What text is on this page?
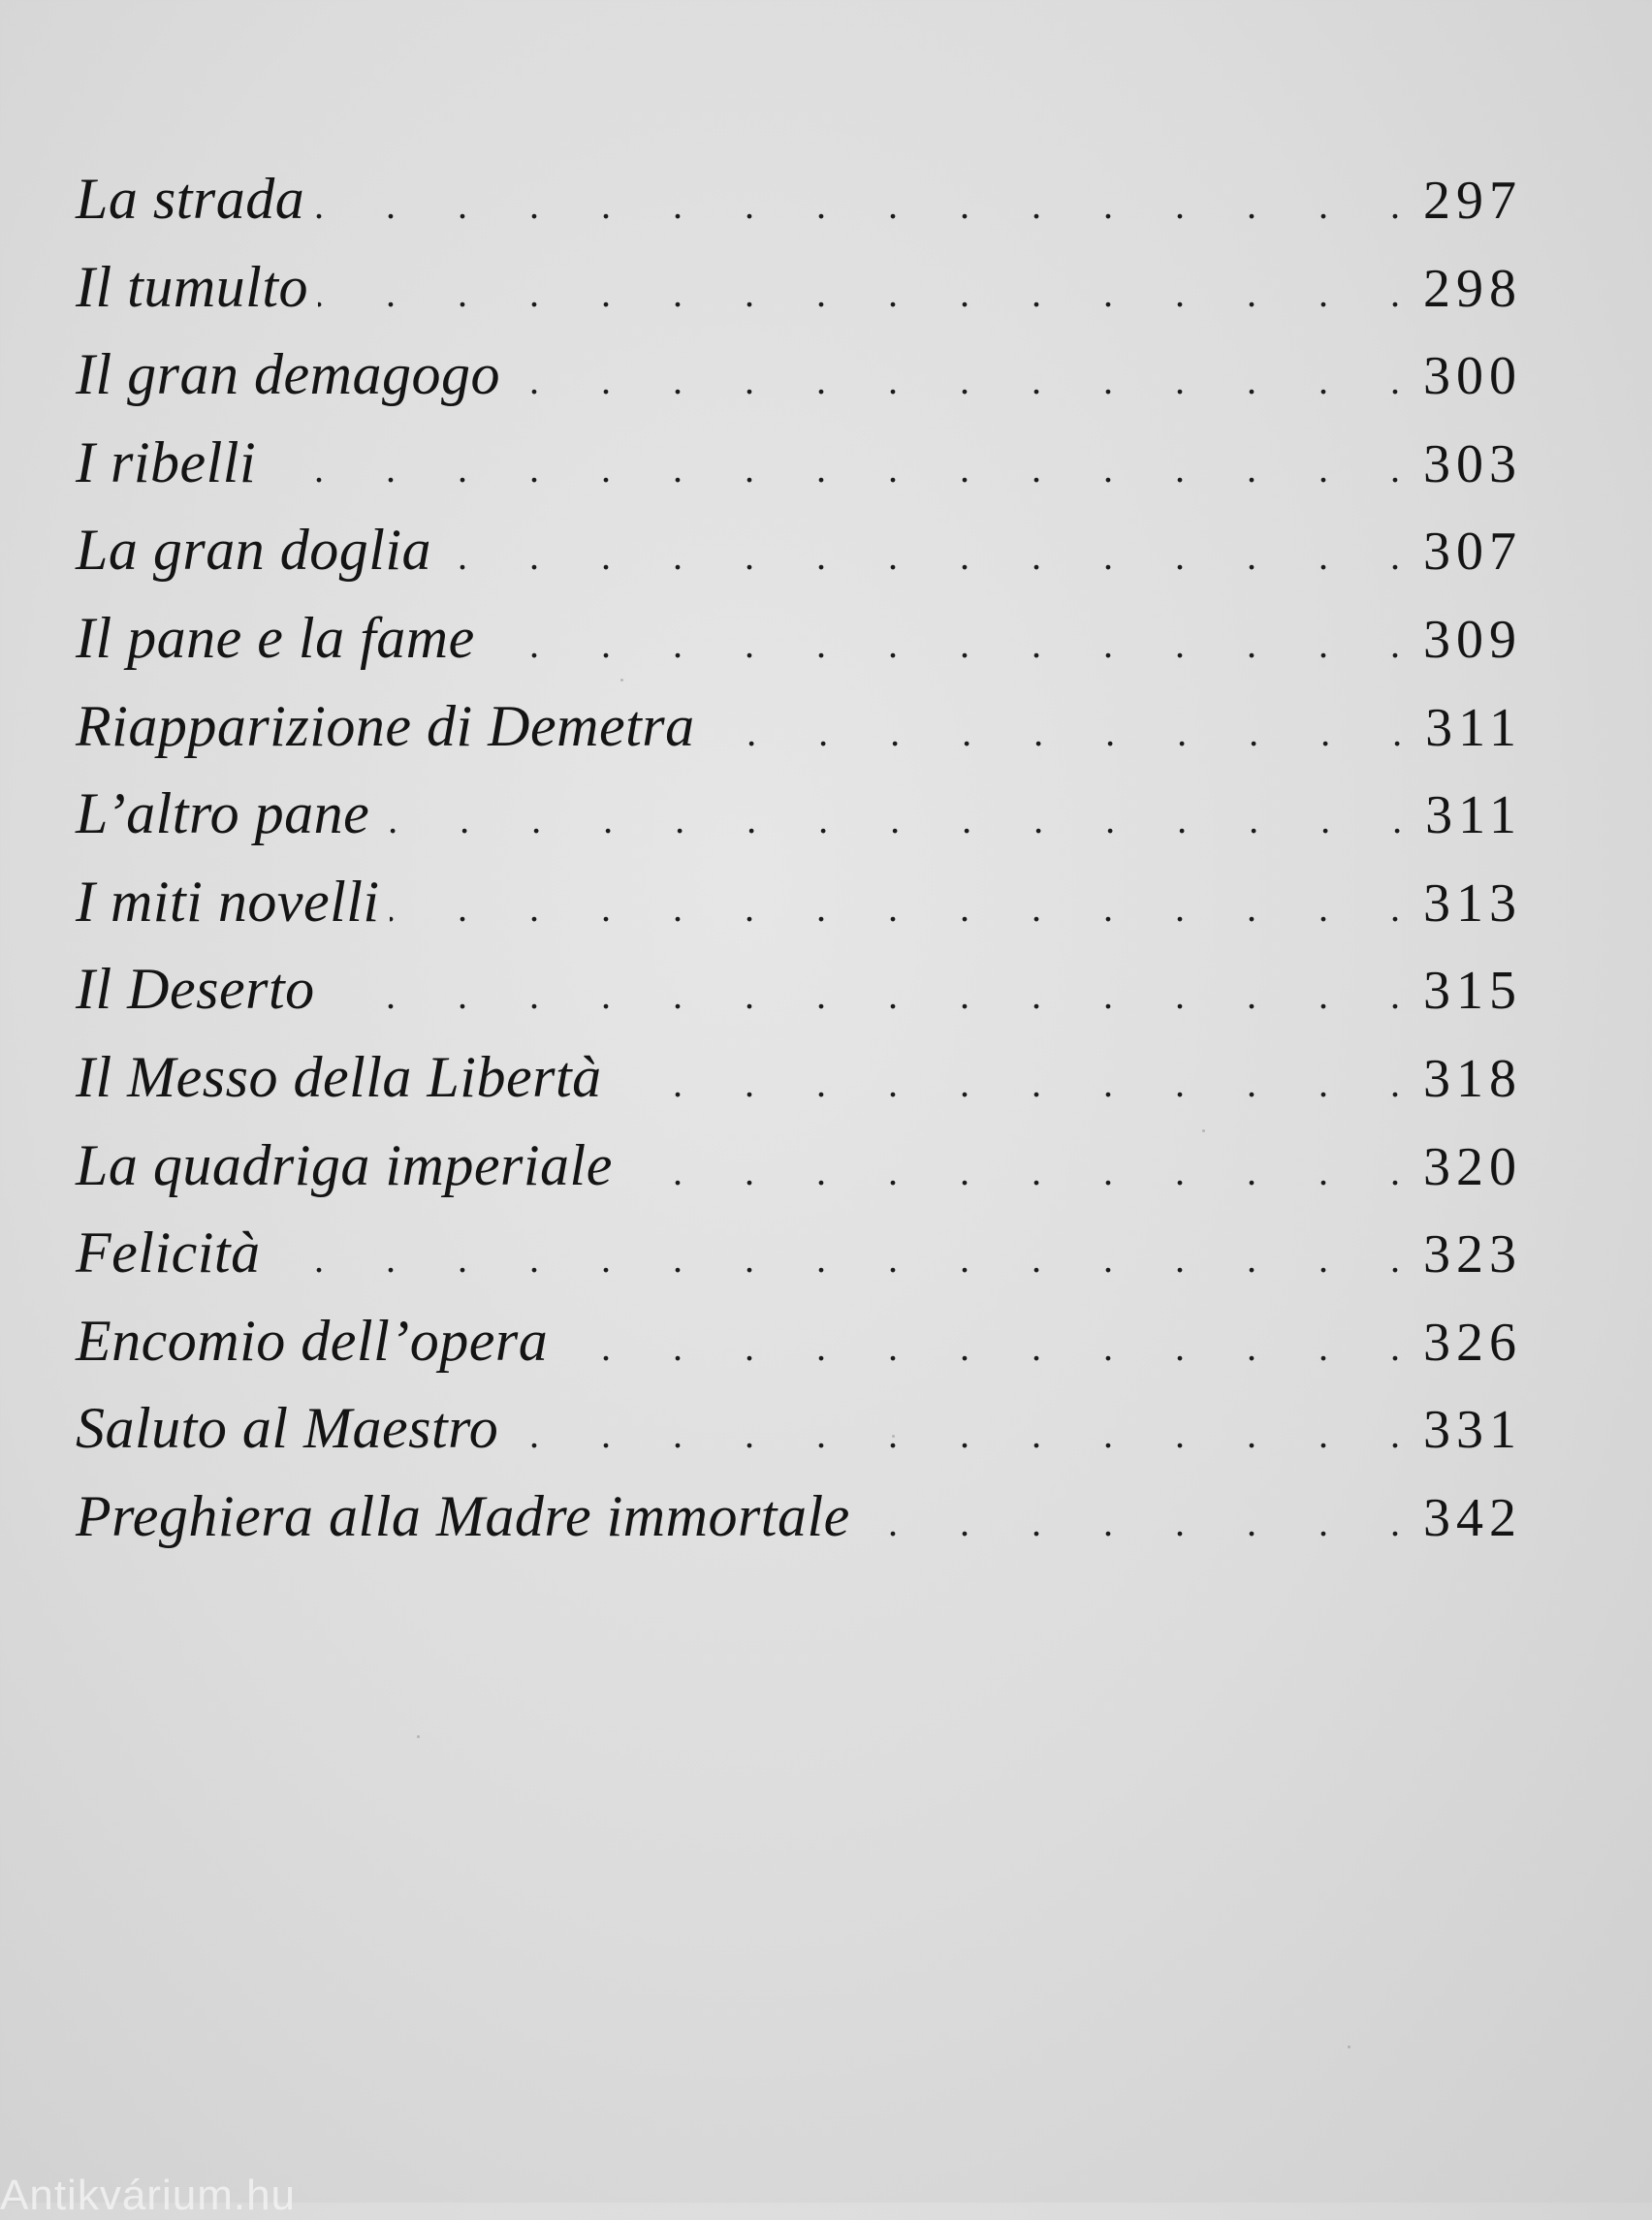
La strada . . .	297
Il tumulto . . .	298
Il gran demagogo . . .	300
I ribelli . . .	303
La gran doglia . . .	307
Il pane e la fame . . .	309
Riapparizione di Demetra . . .	311
L’altro pane . . .	311
I miti novelli . . .	313
Il Deserto . . .	315
Il Messo della Libertà . . .	318
La quadriga imperiale . . .	320
Felicità . . .	323
Encomio dell’opera . . .	326
Saluto al Maestro . . .	331
Preghiera alla Madre immortale . . .	342
Antikvárium.hu
